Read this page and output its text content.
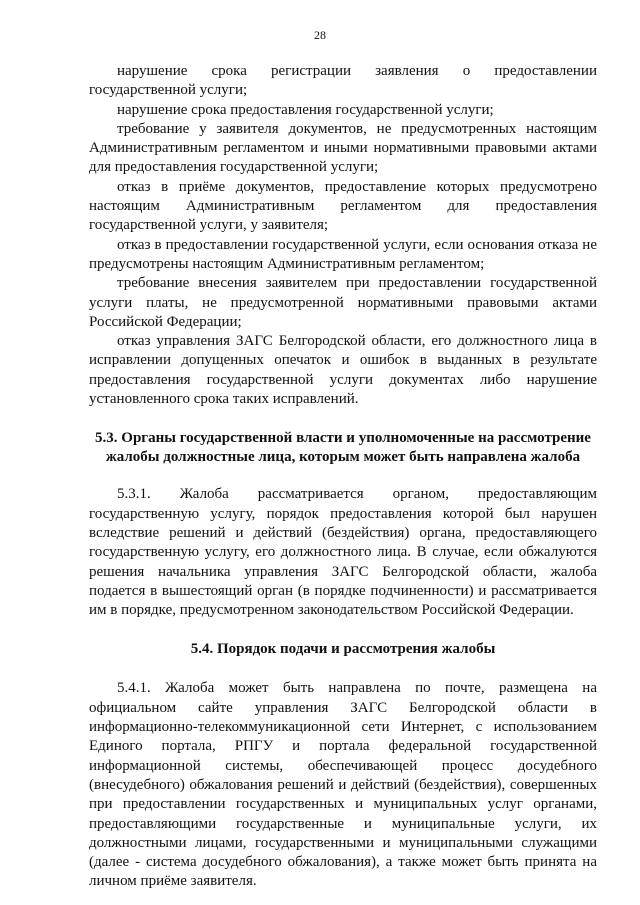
28

нарушение срока регистрации заявления о предоставлении государственной услуги;

нарушение срока предоставления государственной услуги;

требование у заявителя документов, не предусмотренных настоящим Административным регламентом и иными нормативными правовыми актами для предоставления государственной услуги;

отказ в приёме документов, предоставление которых предусмотрено настоящим Административным регламентом для предоставления государственной услуги, у заявителя;

отказ в предоставлении государственной услуги, если основания отказа не предусмотрены настоящим Административным регламентом;

требование внесения заявителем при предоставлении государственной услуги платы, не предусмотренной нормативными правовыми актами Российской Федерации;

отказ управления ЗАГС Белгородской области, его должностного лица в исправлении допущенных опечаток и ошибок в выданных в результате предоставления государственной услуги документах либо нарушение установленного срока таких исправлений.

5.3. Органы государственной власти и уполномоченные на рассмотрение жалобы должностные лица, которым может быть направлена жалоба

5.3.1. Жалоба рассматривается органом, предоставляющим государственную услугу, порядок предоставления которой был нарушен вследствие решений и действий (бездействия) органа, предоставляющего государственную услугу, его должностного лица. В случае, если обжалуются решения начальника управления ЗАГС Белгородской области, жалоба подается в вышестоящий орган (в порядке подчиненности) и рассматривается им в порядке, предусмотренном законодательством Российской Федерации.

5.4. Порядок подачи и рассмотрения жалобы

5.4.1. Жалоба может быть направлена по почте, размещена на официальном сайте управления ЗАГС Белгородской области в информационно-телекоммуникационной сети Интернет, с использованием Единого портала, РПГУ и портала федеральной государственной информационной системы, обеспечивающей процесс досудебного (внесудебного) обжалования решений и действий (бездействия), совершенных при предоставлении государственных и муниципальных услуг органами, предоставляющими государственные и муниципальные услуги, их должностными лицами, государственными и муниципальными служащими (далее - система досудебного обжалования), а также может быть принята на личном приёме заявителя.
